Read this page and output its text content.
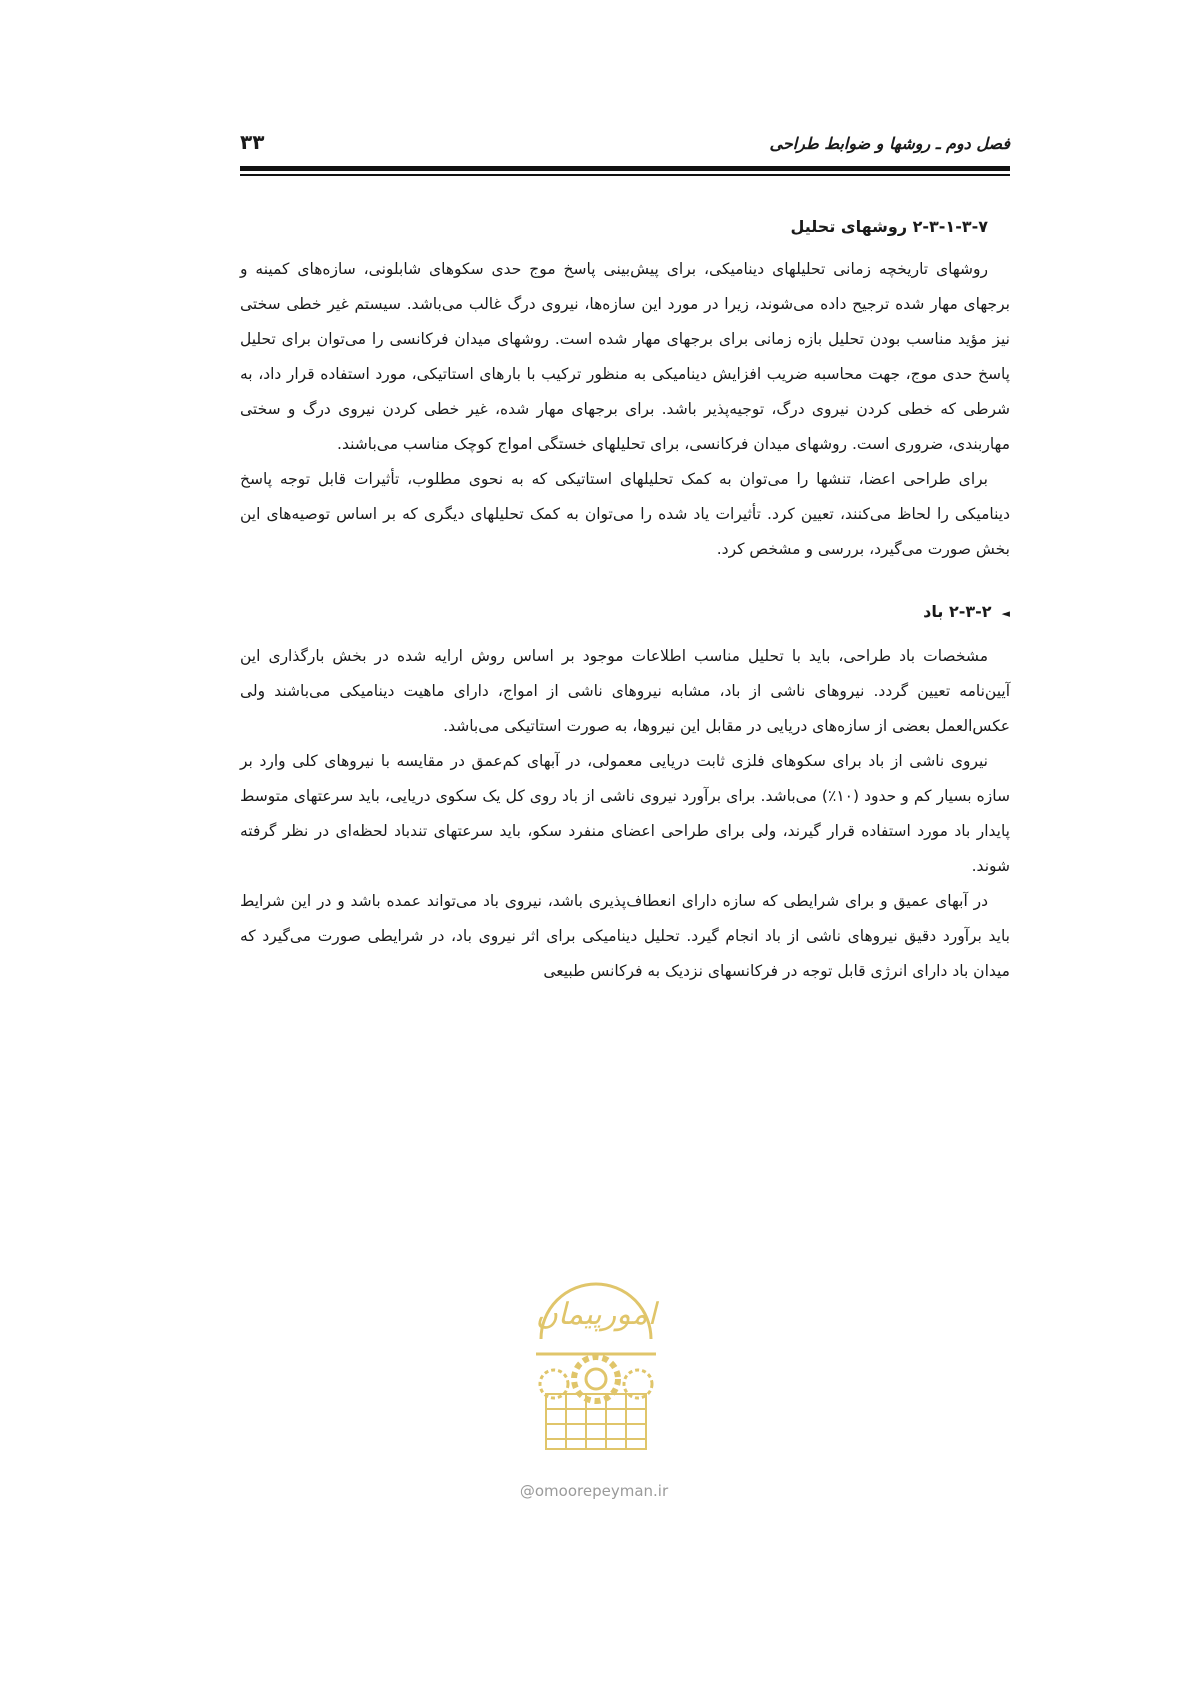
فصل دوم ـ روشها و ضوابط طراحی
۳۳
۲-۳-۱-۳-۷ روشهای تحلیل

روشهای تاریخچه زمانی تحلیلهای دینامیکی، برای پیش‌بینی پاسخ موج حدی سکوهای شابلونی، سازه‌های کمینه و برجهای مهار شده ترجیح داده می‌شوند، زیرا در مورد این سازه‌ها، نیروی درگ غالب می‌باشد. سیستم غیر خطی سختی نیز مؤید مناسب بودن تحلیل بازه زمانی برای برجهای مهار شده است. روشهای میدان فرکانسی را می‌توان برای تحلیل پاسخ حدی موج، جهت محاسبه ضریب افزایش دینامیکی به منظور ترکیب با بارهای استاتیکی، مورد استفاده قرار داد، به شرطی که خطی کردن نیروی درگ، توجیه‌پذیر باشد. برای برجهای مهار شده، غیر خطی کردن نیروی درگ و سختی مهاربندی، ضروری است. روشهای میدان فرکانسی، برای تحلیلهای خستگی امواج کوچک مناسب می‌باشند.

برای طراحی اعضا، تنشها را می‌توان به کمک تحلیلهای استاتیکی که به نحوی مطلوب، تأثیرات قابل توجه پاسخ دینامیکی را لحاظ می‌کنند، تعیین کرد. تأثیرات یاد شده را می‌توان به کمک تحلیلهای دیگری که بر اساس توصیه‌های این بخش صورت می‌گیرد، بررسی و مشخص کرد.

◄۲-۳-۲ باد

مشخصات باد طراحی، باید با تحلیل مناسب اطلاعات موجود بر اساس روش ارایه شده در بخش بارگذاری این آیین‌نامه تعیین گردد. نیروهای ناشی از باد، مشابه نیروهای ناشی از امواج، دارای ماهیت دینامیکی می‌باشند ولی عکس‌العمل بعضی از سازه‌های دریایی در مقابل این نیروها، به صورت استاتیکی می‌باشد.

نیروی ناشی از باد برای سکوهای فلزی ثابت دریایی معمولی، در آبهای کم‌عمق در مقایسه با نیروهای کلی وارد بر سازه بسیار کم و حدود (۱۰٪) می‌باشد. برای برآورد نیروی ناشی از باد روی کل یک سکوی دریایی، باید سرعتهای متوسط پایدار باد مورد استفاده قرار گیرند، ولی برای طراحی اعضای منفرد سکو، باید سرعتهای تندباد لحظه‌ای در نظر گرفته شوند.

در آبهای عمیق و برای شرایطی که سازه دارای انعطاف‌پذیری باشد، نیروی باد می‌تواند عمده باشد و در این شرایط باید برآورد دقیق نیروهای ناشی از باد انجام گیرد. تحلیل دینامیکی برای اثر نیروی باد، در شرایطی صورت می‌گیرد که میدان باد دارای انرژی قابل توجه در فرکانسهای نزدیک به فرکانس طبیعی

امورپیمان
@omoorepeyman.ir
